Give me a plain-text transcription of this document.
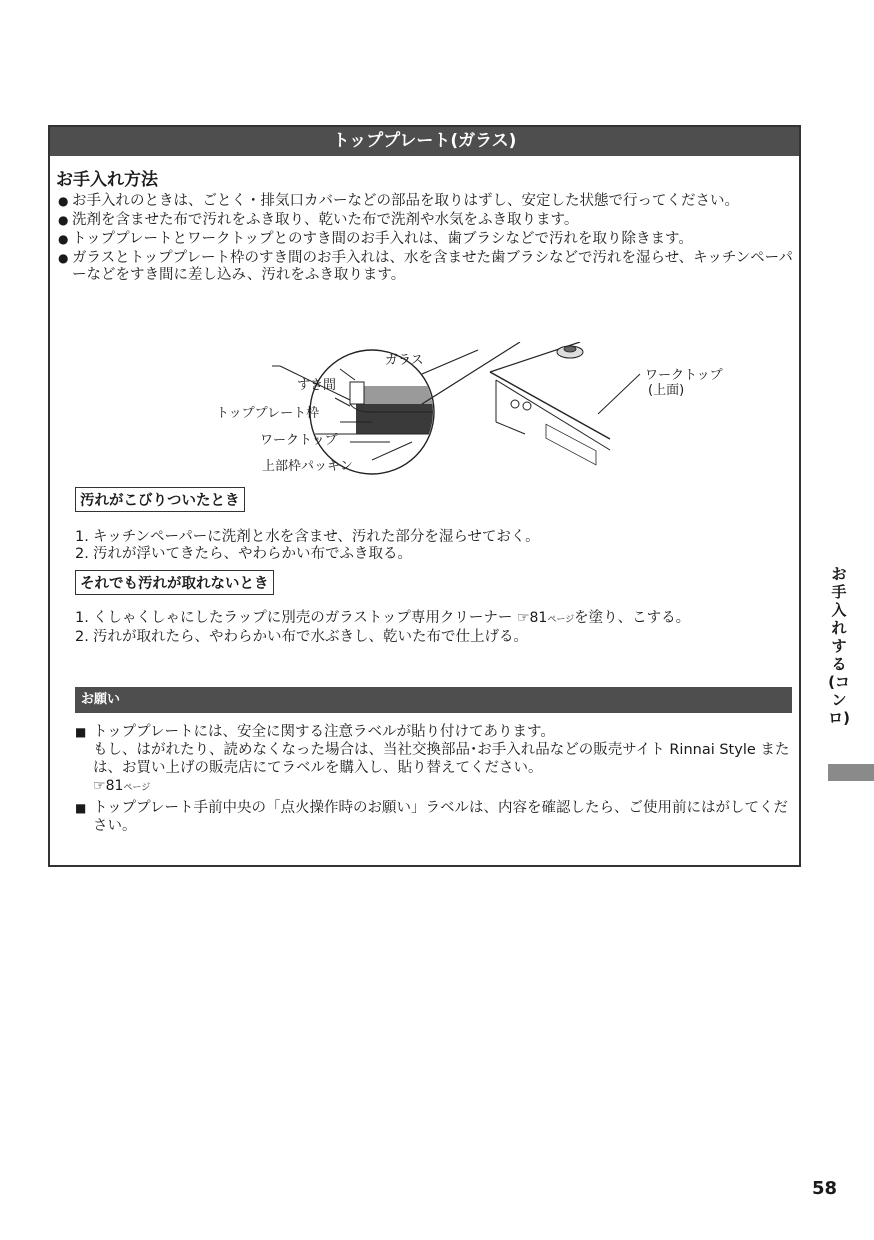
トッププレート(ガラス)
お手入れ方法
● お手入れのときは、ごとく・排気口カバーなどの部品を取りはずし、安定した状態で行ってください。
● 洗剤を含ませた布で汚れをふき取り、乾いた布で洗剤や水気をふき取ります。
● トッププレートとワークトップとのすき間のお手入れは、歯ブラシなどで汚れを取り除きます。
● ガラスとトッププレート枠のすき間のお手入れは、水を含ませた歯ブラシなどで汚れを湿らせ、キッチンペーパーなどをすき間に差し込み、汚れをふき取ります。
ガラス
すき間
トッププレート枠
ワークトップ
上部枠パッキン
ワークトップ
(上面)
汚れがこびりついたとき
1. キッチンペーパーに洗剤と水を含ませ、汚れた部分を湿らせておく。
2. 汚れが浮いてきたら、やわらかい布でふき取る。
それでも汚れが取れないとき
1. くしゃくしゃにしたラップに別売のガラストップ専用クリーナー ☞81ページを塗り、こする。
2. 汚れが取れたら、やわらかい布で水ぶきし、乾いた布で仕上げる。
お願い
■ トッププレートには、安全に関する注意ラベルが貼り付けてあります。
もし、はがれたり、読めなくなった場合は、当社交換部品･お手入れ品などの販売サイト Rinnai Style または、お買い上げの販売店にてラベルを購入し、貼り替えてください。
☞81ページ
■ トッププレート手前中央の「点火操作時のお願い」ラベルは、内容を確認したら、ご使用前にはがしてください。
お手入れする(コンロ)
58
